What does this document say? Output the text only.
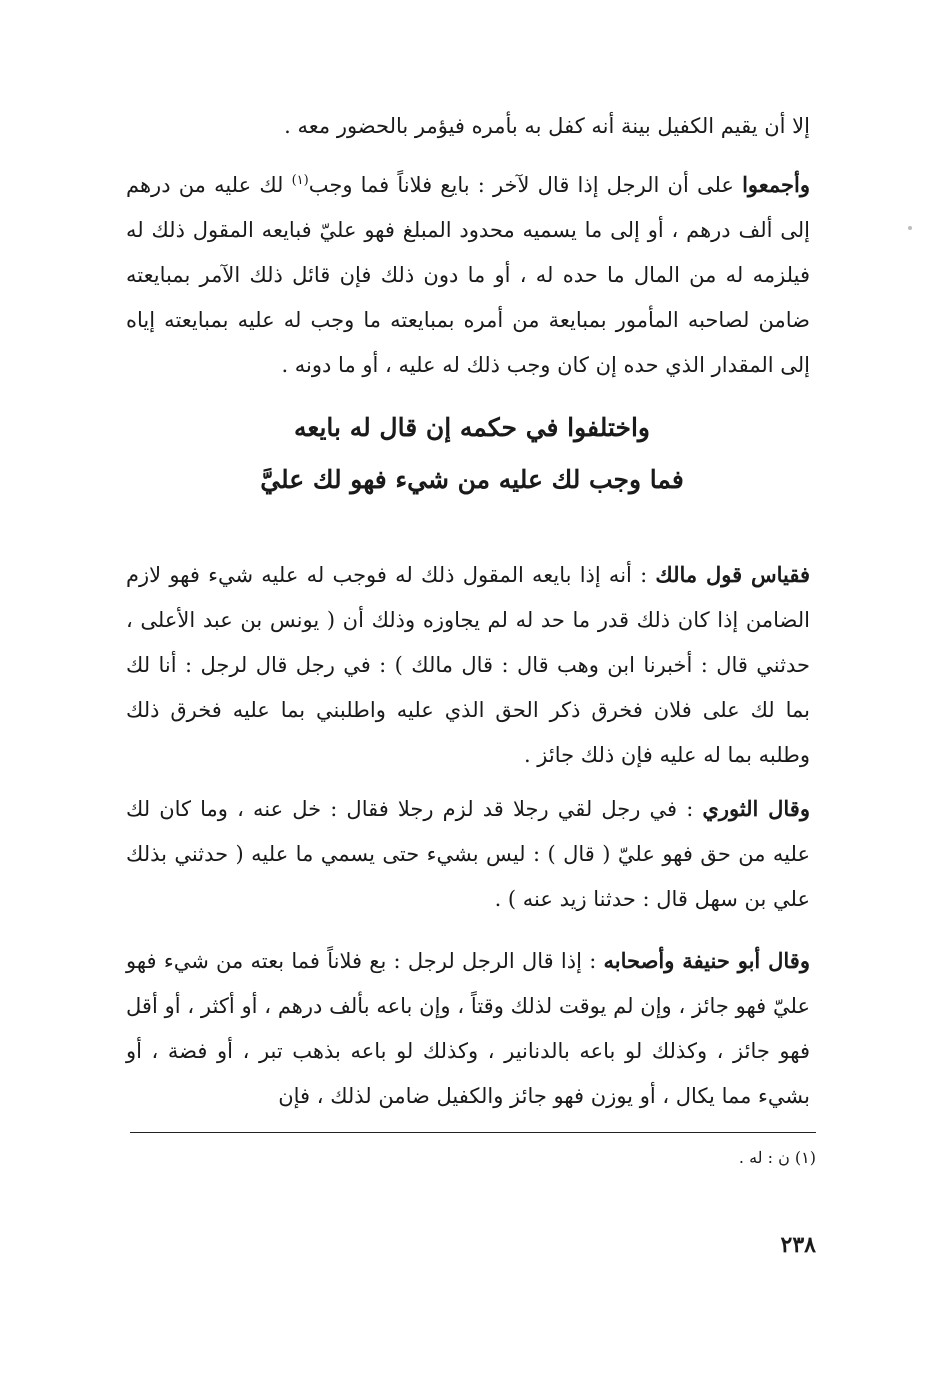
إلا أن يقيم الكفيل بينة أنه كفل به بأمره فيؤمر بالحضور معه .
وأجمعوا على أن الرجل إذا قال لآخر : بايع فلاناً فما وجب$^{(١)}$ لك عليه من درهم إلى ألف درهم ، أو إلى ما يسميه محدود المبلغ فهو عليّ فبايعه المقول ذلك له فيلزمه له من المال ما حده له ، أو ما دون ذلك فإن قائل ذلك الآمر بمبايعته ضامن لصاحبه المأمور بمبايعة من أمره بمبايعته ما وجب له عليه بمبايعته إياه إلى المقدار الذي حده إن كان وجب ذلك له عليه ، أو ما دونه .
واختلفوا في حكمه إن قال له بايعه
فما وجب لك عليه من شيء فهو لك عليَّ
فقياس قول مالك : أنه إذا بايعه المقول ذلك له فوجب له عليه شيء فهو لازم الضامن إذا كان ذلك قدر ما حد له لم يجاوزه وذلك أن ( يونس بن عبد الأعلى ، حدثني قال : أخبرنا ابن وهب قال : قال مالك ) : في رجل قال لرجل : أنا لك بما لك على فلان فخرق ذكر الحق الذي عليه واطلبني بما عليه فخرق ذلك وطلبه بما له عليه فإن ذلك جائز .
وقال الثوري : في رجل لقي رجلا قد لزم رجلا فقال : خل عنه ، وما كان لك عليه من حق فهو عليّ ( قال ) : ليس بشيء حتى يسمي ما عليه ( حدثني بذلك علي بن سهل قال : حدثنا زيد عنه ) .
وقال أبو حنيفة وأصحابه : إذا قال الرجل لرجل : بع فلاناً فما بعته من شيء فهو عليّ فهو جائز ، وإن لم يوقت لذلك وقتاً ، وإن باعه بألف درهم ، أو أكثر ، أو أقل فهو جائز ، وكذلك لو باعه بالدنانير ، وكذلك لو باعه بذهب تبر ، أو فضة ، أو بشيء مما يكال ، أو يوزن فهو جائز والكفيل ضامن لذلك ، فإن
(١) ن : له .
٢٣٨
